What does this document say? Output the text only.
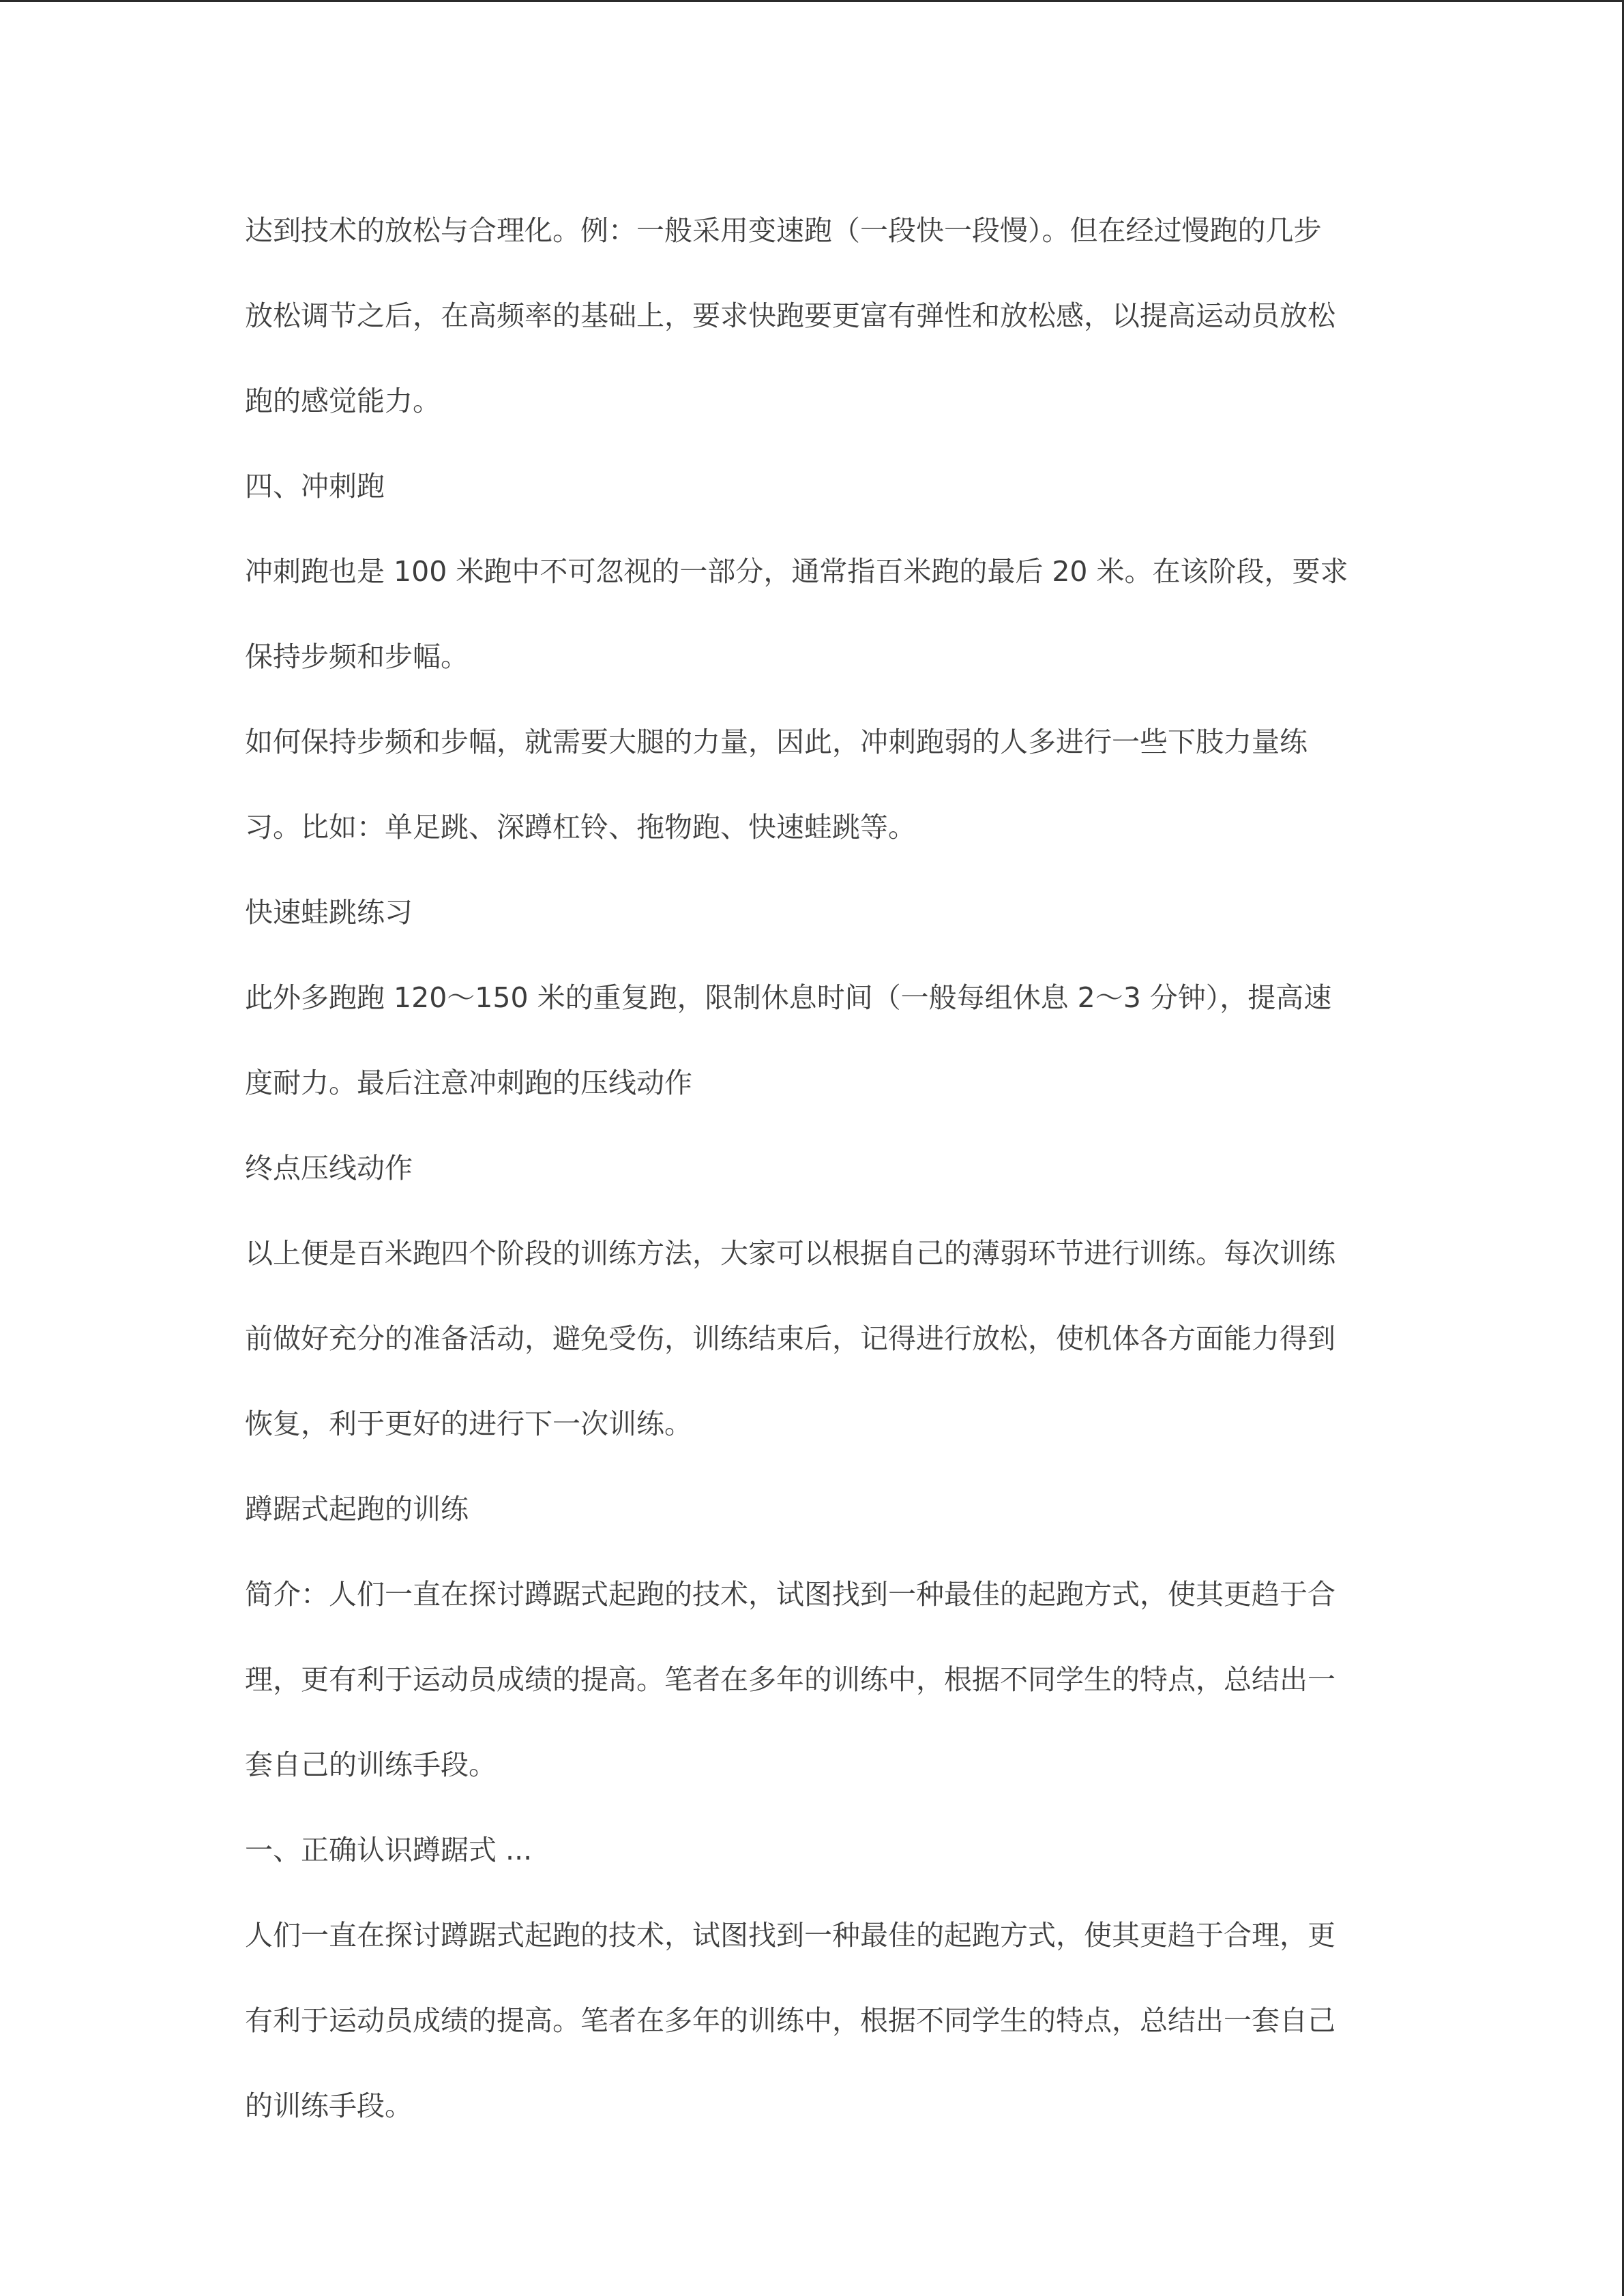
达到技术的放松与合理化。例：一般采用变速跑（一段快一段慢）。但在经过慢跑的几步
放松调节之后，在高频率的基础上，要求快跑要更富有弹性和放松感，以提高运动员放松
跑的感觉能力。
四、冲刺跑
冲刺跑也是 100 米跑中不可忽视的一部分，通常指百米跑的最后 20 米。在该阶段，要求
保持步频和步幅。
如何保持步频和步幅，就需要大腿的力量，因此，冲刺跑弱的人多进行一些下肢力量练
习。比如：单足跳、深蹲杠铃、拖物跑、快速蛙跳等。
快速蛙跳练习
此外多跑跑 120～150 米的重复跑，限制休息时间（一般每组休息 2～3 分钟），提高速
度耐力。最后注意冲刺跑的压线动作
终点压线动作
以上便是百米跑四个阶段的训练方法，大家可以根据自己的薄弱环节进行训练。每次训练
前做好充分的准备活动，避免受伤，训练结束后，记得进行放松，使机体各方面能力得到
恢复，利于更好的进行下一次训练。
蹲踞式起跑的训练
简介：人们一直在探讨蹲踞式起跑的技术，试图找到一种最佳的起跑方式，使其更趋于合
理，更有利于运动员成绩的提高。笔者在多年的训练中，根据不同学生的特点，总结出一
套自己的训练手段。
一、正确认识蹲踞式 ...
人们一直在探讨蹲踞式起跑的技术，试图找到一种最佳的起跑方式，使其更趋于合理，更
有利于运动员成绩的提高。笔者在多年的训练中，根据不同学生的特点，总结出一套自己
的训练手段。
